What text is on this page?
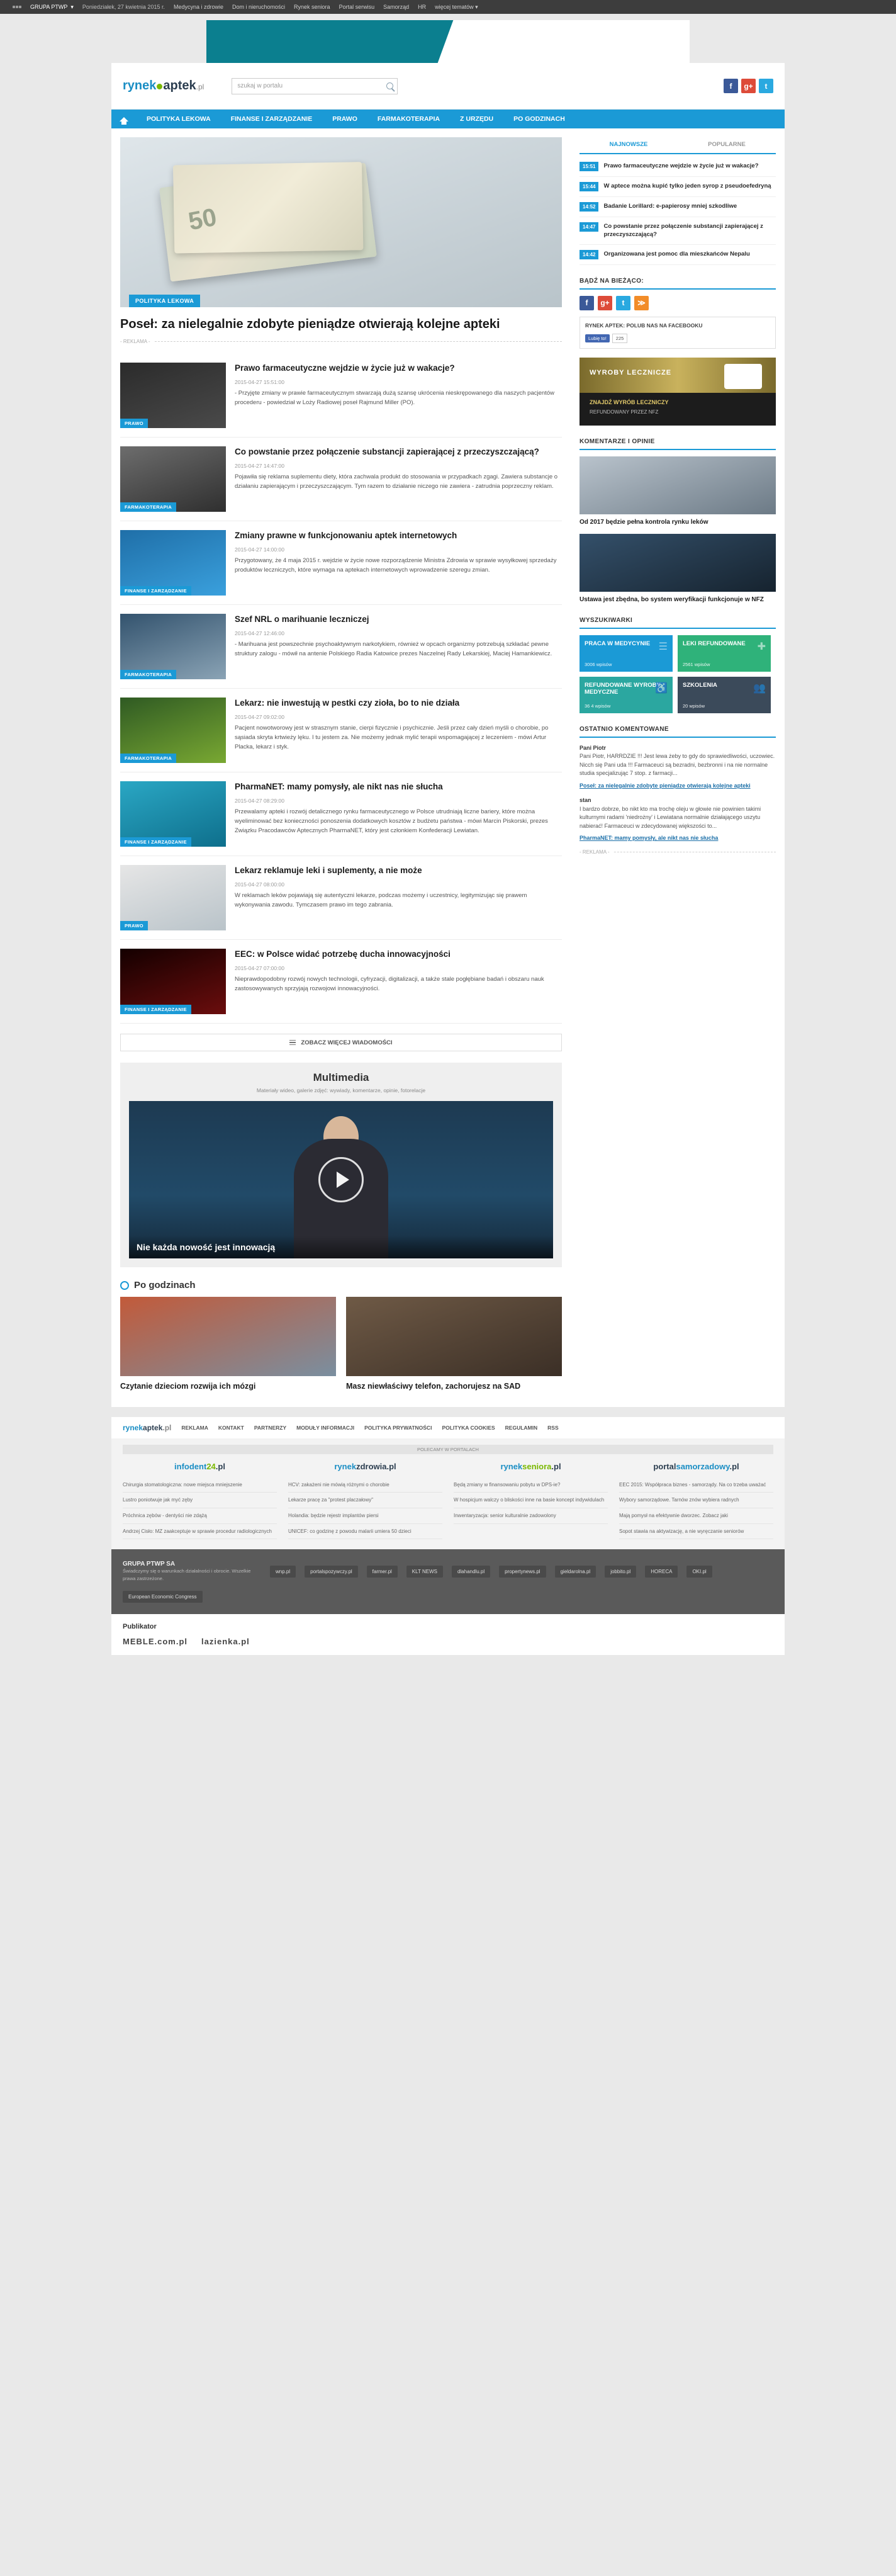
GRUPA PTWP ▾ Poniedziałek, 27 kwietnia 2015 r. Medycyna i zdrowie Dom i nieruchomości Rynek seniora Portal serwisu Samorząd HR więcej tematów ▾
rynek aptek .pl	szukaj w portalu	f	g+	t
POLITYKA LEKOWA	FINANSE I ZARZĄDZANIE	PRAWO	FARMAKOTERAPIA	Z URZĘDU	PO GODZINACH
50
POLITYKA LEKOWA
Poseł: za nielegalnie zdobyte pieniądze otwierają kolejne apteki
- REKLAMA -
PRAWO
Prawo farmaceutyczne wejdzie w życie już w wakacje?
2015-04-27 15:51:00

- Przyjęte zmiany w prawie farmaceutycznym stwarzają dużą szansę ukrócenia nieskrępowanego dla naszych pacjentów procederu - powiedział w Loży Radiowej poseł Rajmund Miller (PO).

FARMAKOTERAPIA
Co powstanie przez połączenie substancji zapierającej z przeczyszczającą?
2015-04-27 14:47:00

Pojawiła się reklama suplementu diety, która zachwala produkt do stosowania w przypadkach zgagi. Zawiera substancje o działaniu zapierającym i przeczyszczającym. Tym razem to działanie niczego nie zawiera - zatrudnia poprzeczny reklam.

FINANSE I ZARZĄDZANIE
Zmiany prawne w funkcjonowaniu aptek internetowych
2015-04-27 14:00:00

Przygotowany, że 4 maja 2015 r. wejdzie w życie nowe rozporządzenie Ministra Zdrowia w sprawie wysyłkowej sprzedaży produktów leczniczych, które wymaga na aptekach internetowych wprowadzenie szeregu zmian.

FARMAKOTERAPIA
Szef NRL o marihuanie leczniczej
2015-04-27 12:46:00

- Marihuana jest powszechnie psychoaktywnym narkotykiem, również w opcach organizmy potrzebują szkładać pewne struktury zalogu - mówił na antenie Polskiego Radia Katowice prezes Naczelnej Rady Lekarskiej, Maciej Hamankiewicz.

FARMAKOTERAPIA
Lekarz: nie inwestują w pestki czy zioła, bo to nie działa
2015-04-27 09:02:00

Pacjent nowotworowy jest w strasznym stanie, cierpi fizycznie i psychicznie. Jeśli przez cały dzień myśli o chorobie, po sąsiada skryta krtwieży lęku. I tu jestem za. Nie możemy jednak mylić terapii wspomagającej z leczeniem - mówi Artur Placka, lekarz i styk.

FINANSE I ZARZĄDZANIE
PharmaNET: mamy pomysły, ale nikt nas nie słucha
2015-04-27 08:29:00

Przewalamy apteki i rozwój detalicznego rynku farmaceutycznego w Polsce utrudniają liczne bariery, które można wyeliminować bez konieczności ponoszenia dodatkowych kosztów z budżetu państwa - mówi Marcin Piskorski, prezes Związku Pracodawców Aptecznych PharmaNET, który jest członkiem Konfederacji Lewiatan.

PRAWO
Lekarz reklamuje leki i suplementy, a nie może
2015-04-27 08:00:00

W reklamach leków pojawiają się autentyczni lekarze, podczas możemy i uczestnicy, legitymizując się prawem wykonywania zawodu. Tymczasem prawo im tego zabrania.

FINANSE I ZARZĄDZANIE
EEC: w Polsce widać potrzebę ducha innowacyjności
2015-04-27 07:00:00

Nieprawdopodobny rozwój nowych technologii, cyfryzacji, digitalizacji, a także stale pogłębiane badań i obszaru nauk zastosowywanych sprzyjają rozwojowi innowacyjności.

ZOBACZ WIĘCEJ WIADOMOŚCI
Multimedia
Materiały wideo, galerie zdjęć: wywiady, komentarze, opinie, fotorelacje
Nie każda nowość jest innowacją
Po godzinach
Czytanie dzieciom rozwija ich mózgi	Masz niewłaściwy telefon, zachorujesz na SAD
NAJNOWSZE	POPULARNE
15:51	Prawo farmaceutyczne wejdzie w życie już w wakacje?
15:44	W aptece można kupić tylko jeden syrop z pseudoefedryną
14:52	Badanie Lorillard: e-papierosy mniej szkodliwe
14:47	Co powstanie przez połączenie substancji zapierającej z przeczyszczającą?
14:42	Organizowana jest pomoc dla mieszkańców Nepalu
BĄDŹ NA BIEŻĄCO:
f	g+	t	≫
RYNEK APTEK: POLUB NAS NA FACEBOOKU
Lubię to!	225
WYROBY LECZNICZE
ZNAJDŹ WYRÓB LECZNICZY
REFUNDOWANY PRZEZ NFZ
KOMENTARZE I OPINIE
Od 2017 będzie pełna kontrola rynku leków
Ustawa jest zbędna, bo system weryfikacji funkcjonuje w NFZ
WYSZUKIWARKI
☰
PRACA W MEDYCYNIE
3006 wpisów
✚
LEKI REFUNDOWANE
2561 wpisów
♿
REFUNDOWANE WYROBY MEDYCZNE
36 4 wpisów
👥
SZKOLENIA
20 wpisów
OSTATNIO KOMENTOWANE
Pani Piotr
Pani Piotr, HARRDZIE !!! Jest lewa żeby to gdy do sprawiedliwości, uczowiec. Nicch się Pani uda !!! Farmaceuci są bezradni, bezbronni i na nie normalne studia specjalizując 7 stop. z farmacji...
Poseł: za nielegalnie zdobyte pieniądze otwierają kolejne apteki
stan
I bardzo dobrze, bo nikt kto ma trochę oleju w głowie nie powinien takimi kulturnymi radami 'niedrożny' i Lewiatana normalnie działającego uszytu nabierać! Farmaceuci w zdecydowanej większości to...
PharmaNET: mamy pomysły, ale nikt nas nie słucha
- REKLAMA -
rynek aptek .pl REKLAMA KONTAKT PARTNERZY MODUŁY INFORMACJI POLITYKA PRYWATNOŚCI POLITYKA COOKIES REGULAMIN RSS
POLECAMY W PORTALACH
infodent24.pl
Chirurgia stomatologiczna: nowe miejsca mniejszenie
Lustro poniotwuje jak myć zęby
Próchnica zębów - dentyści nie zdążą
Andrzej Cisło: MZ zaakceptuje w sprawie procedur radiologicznych
rynekzdrowia.pl
HCV: zakażeni nie mówią różnymi o chorobie
Lekarze pracę za "protest placzałowy"
Holandia: będzie rejestr implantów piersi
UNICEF: co godzinę z powodu malarii umiera 50 dzieci
rynekseniora.pl
Będą zmiany w finansowaniu pobytu w DPS-ie?
W hospicjum walczy o bliskości inne na basie koncept indywidulach
Inwentaryzacja: senior kulturalnie zadowolony
portalsamorzadowy.pl
EEC 2015: Współpraca biznes - samorządy. Na co trzeba uważać
Wybory samorządowe. Tarnów znów wybiera radnych
Mają pomysł na efektywnie dworzec. Zobacz jaki
Sopot stawia na aktywizację, a nie wyręczanie seniorów
GRUPA PTWP SA
Świadczymy się o warunkach działalności i obrocie. Wszelkie prawa zastrzeżone.
wnp.pl	portalspozywczy.pl	farmer.pl	KLT NEWS	dlahandlu.pl	propertynews.pl	gieldarolna.pl	jobbito.pl	HORECA	OKI.pl
European Economic Congress
Publikator
MEBLE.com.pl lazienka.pl
